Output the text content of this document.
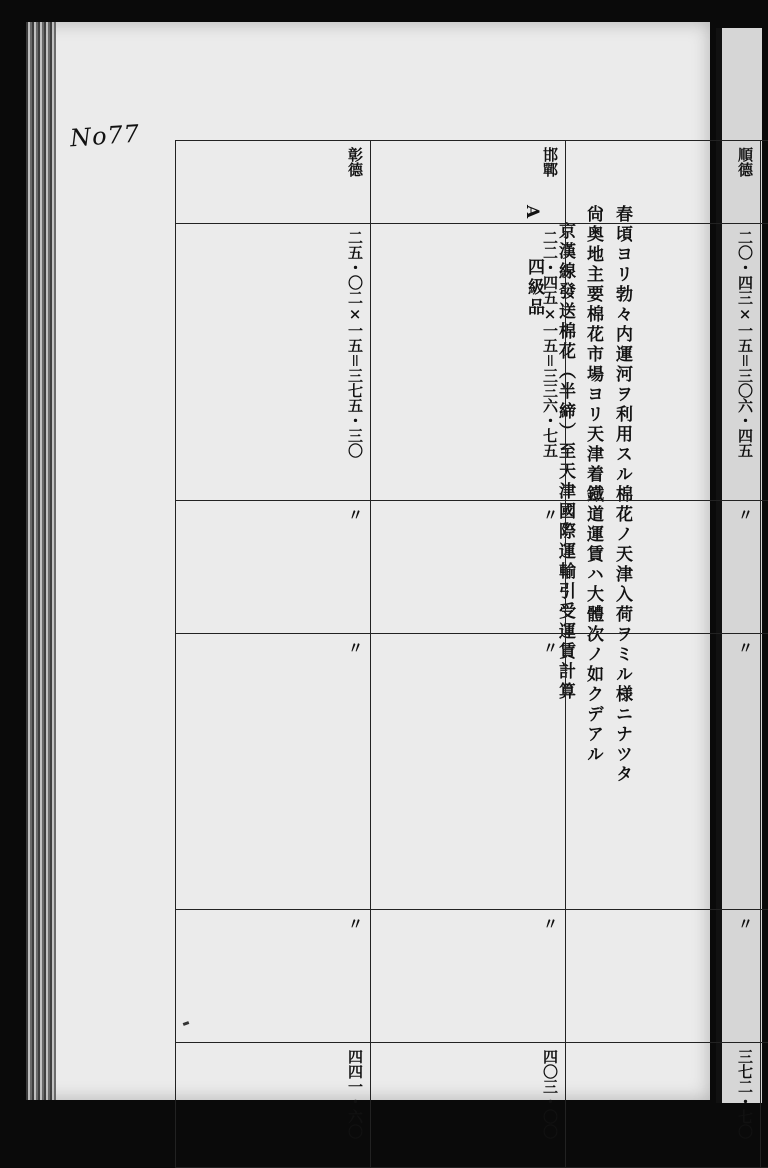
No77
春頃ヨリ勃々内運河ヲ利用スル棉花ノ天津入荷ヲミル様ニナツタ
尙奥地主要棉花市場ヨリ天津着鐡道運賃ハ大體次ノ如クデアル
京漢線發送棉花（半締）至天津國際運輸引受運賃計算
A
四級品
彰德	邯鄲	順德				
二五・〇二×一五＝三七五・三〇	二二・四五×一五＝三三六・七五	二〇・四三×一五＝三〇六・四五				
〃	〃	〃				
〃	〃	〃				
〃	〃	〃				
四四一・六〇	四〇三・〇〇	三七二・七〇				
